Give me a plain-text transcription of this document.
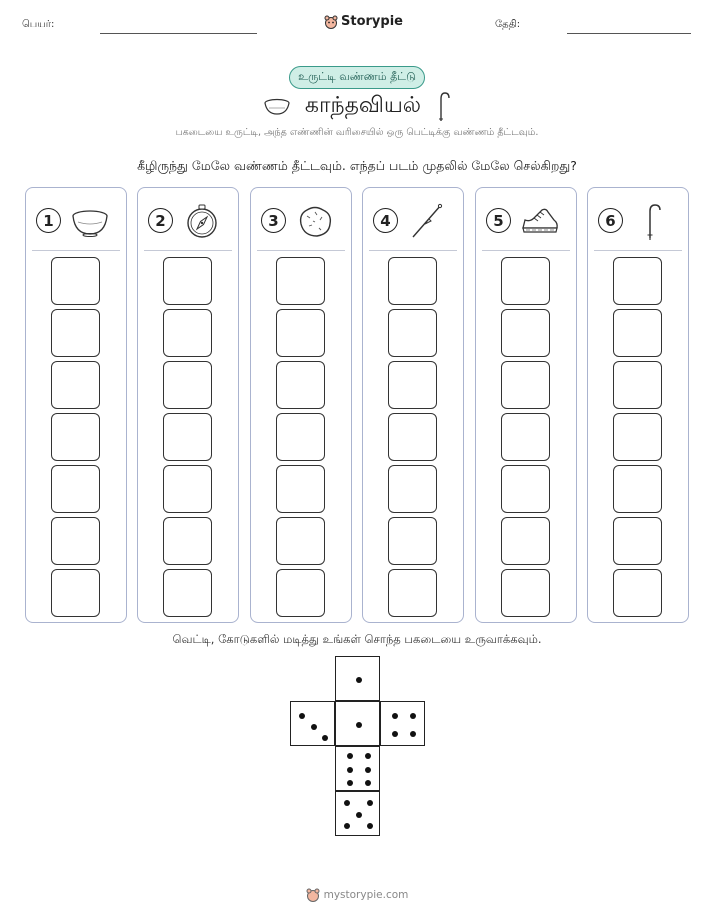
பெயர்:	Storypie	தேதி:
உருட்டி வண்ணம் தீட்டு
காந்தவியல்
பகடையை உருட்டி, அந்த எண்ணின் வரிசையில் ஒரு பெட்டிக்கு வண்ணம் தீட்டவும்.
கீழிருந்து மேலே வண்ணம் தீட்டவும். எந்தப் படம் முதலில் மேலே செல்கிறது?
1	2	3	4	5	6
வெட்டி, கோடுகளில் மடித்து உங்கள் சொந்த பகடையை உருவாக்கவும்.
mystorypie.com
